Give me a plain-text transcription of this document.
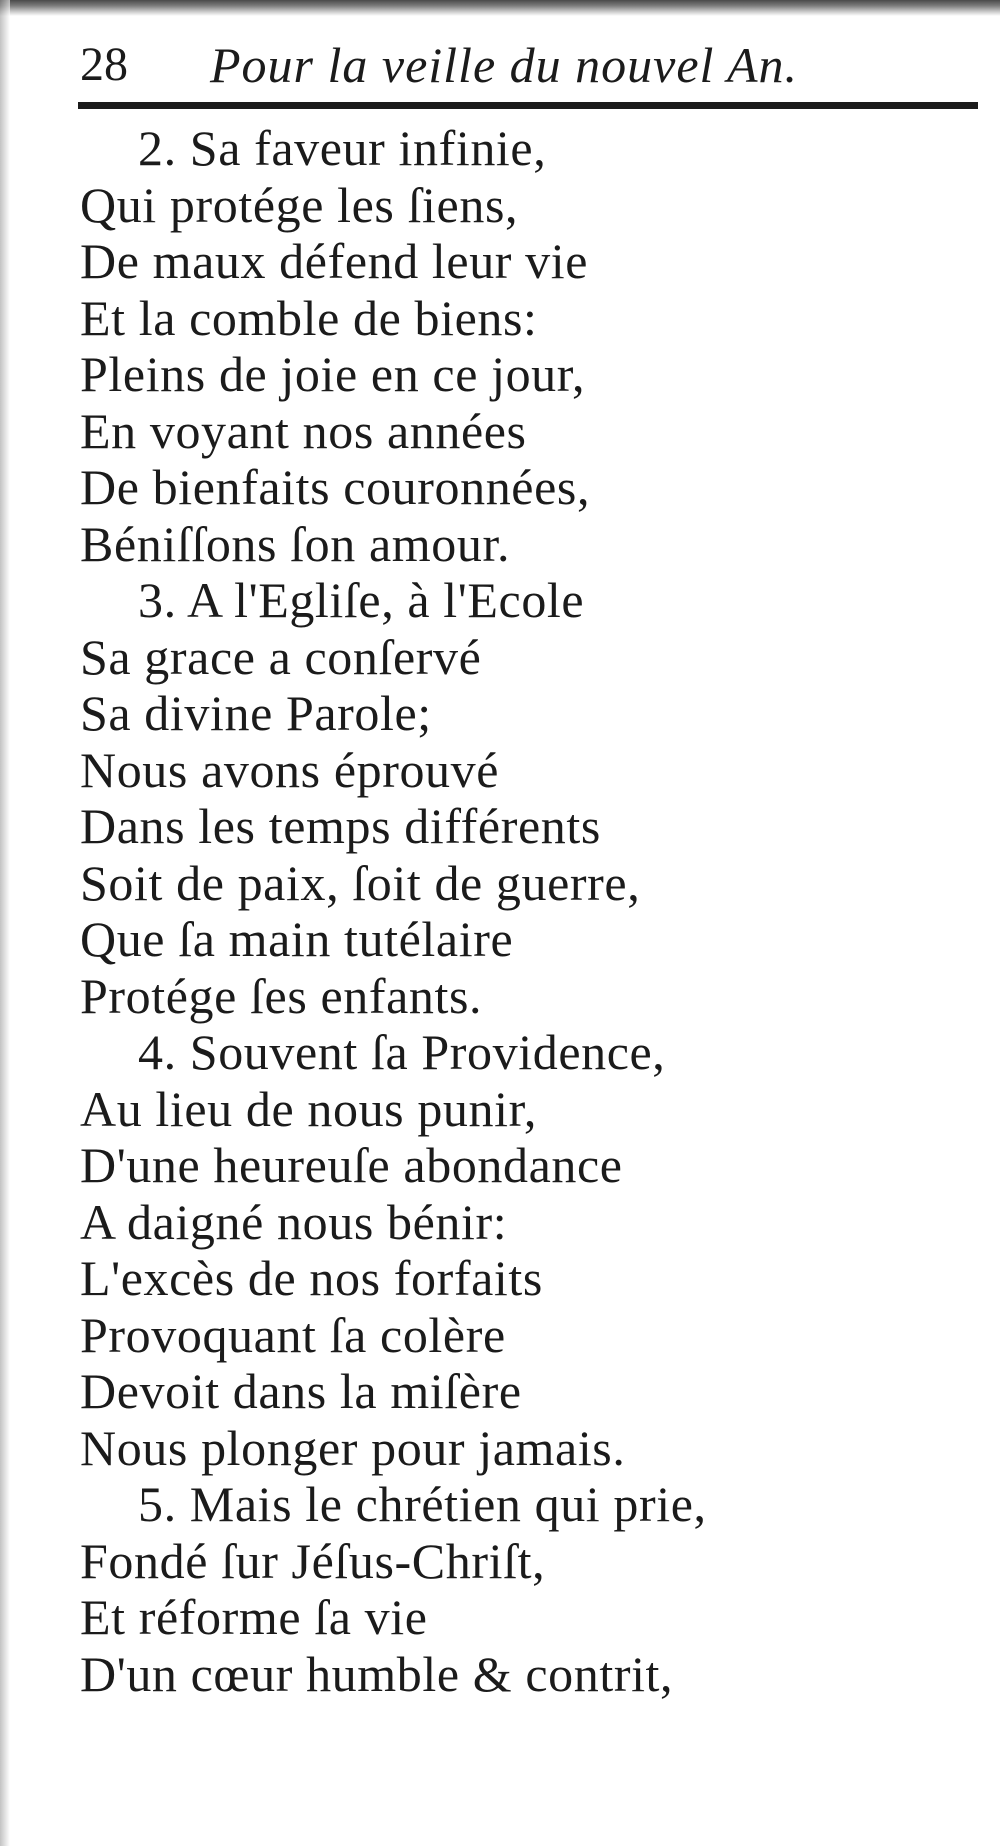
28 Pour la veille du nouvel An.
2. Sa faveur infinie,
Qui protége les ſiens,
De maux défend leur vie
Et la comble de biens:
Pleins de joie en ce jour,
En voyant nos années
De bienfaits couronnées,
Béniſſons ſon amour.
3. A l'Egliſe, à l'Ecole
Sa grace a conſervé
Sa divine Parole;
Nous avons éprouvé
Dans les temps différents
Soit de paix, ſoit de guerre,
Que ſa main tutélaire
Protége ſes enfants.
4. Souvent ſa Providence,
Au lieu de nous punir,
D'une heureuſe abondance
A daigné nous bénir:
L'excès de nos forfaits
Provoquant ſa colère
Devoit dans la miſère
Nous plonger pour jamais.
5. Mais le chrétien qui prie,
Fondé ſur Jéſus-Chriſt,
Et réforme ſa vie
D'un cœur humble & contrit,
